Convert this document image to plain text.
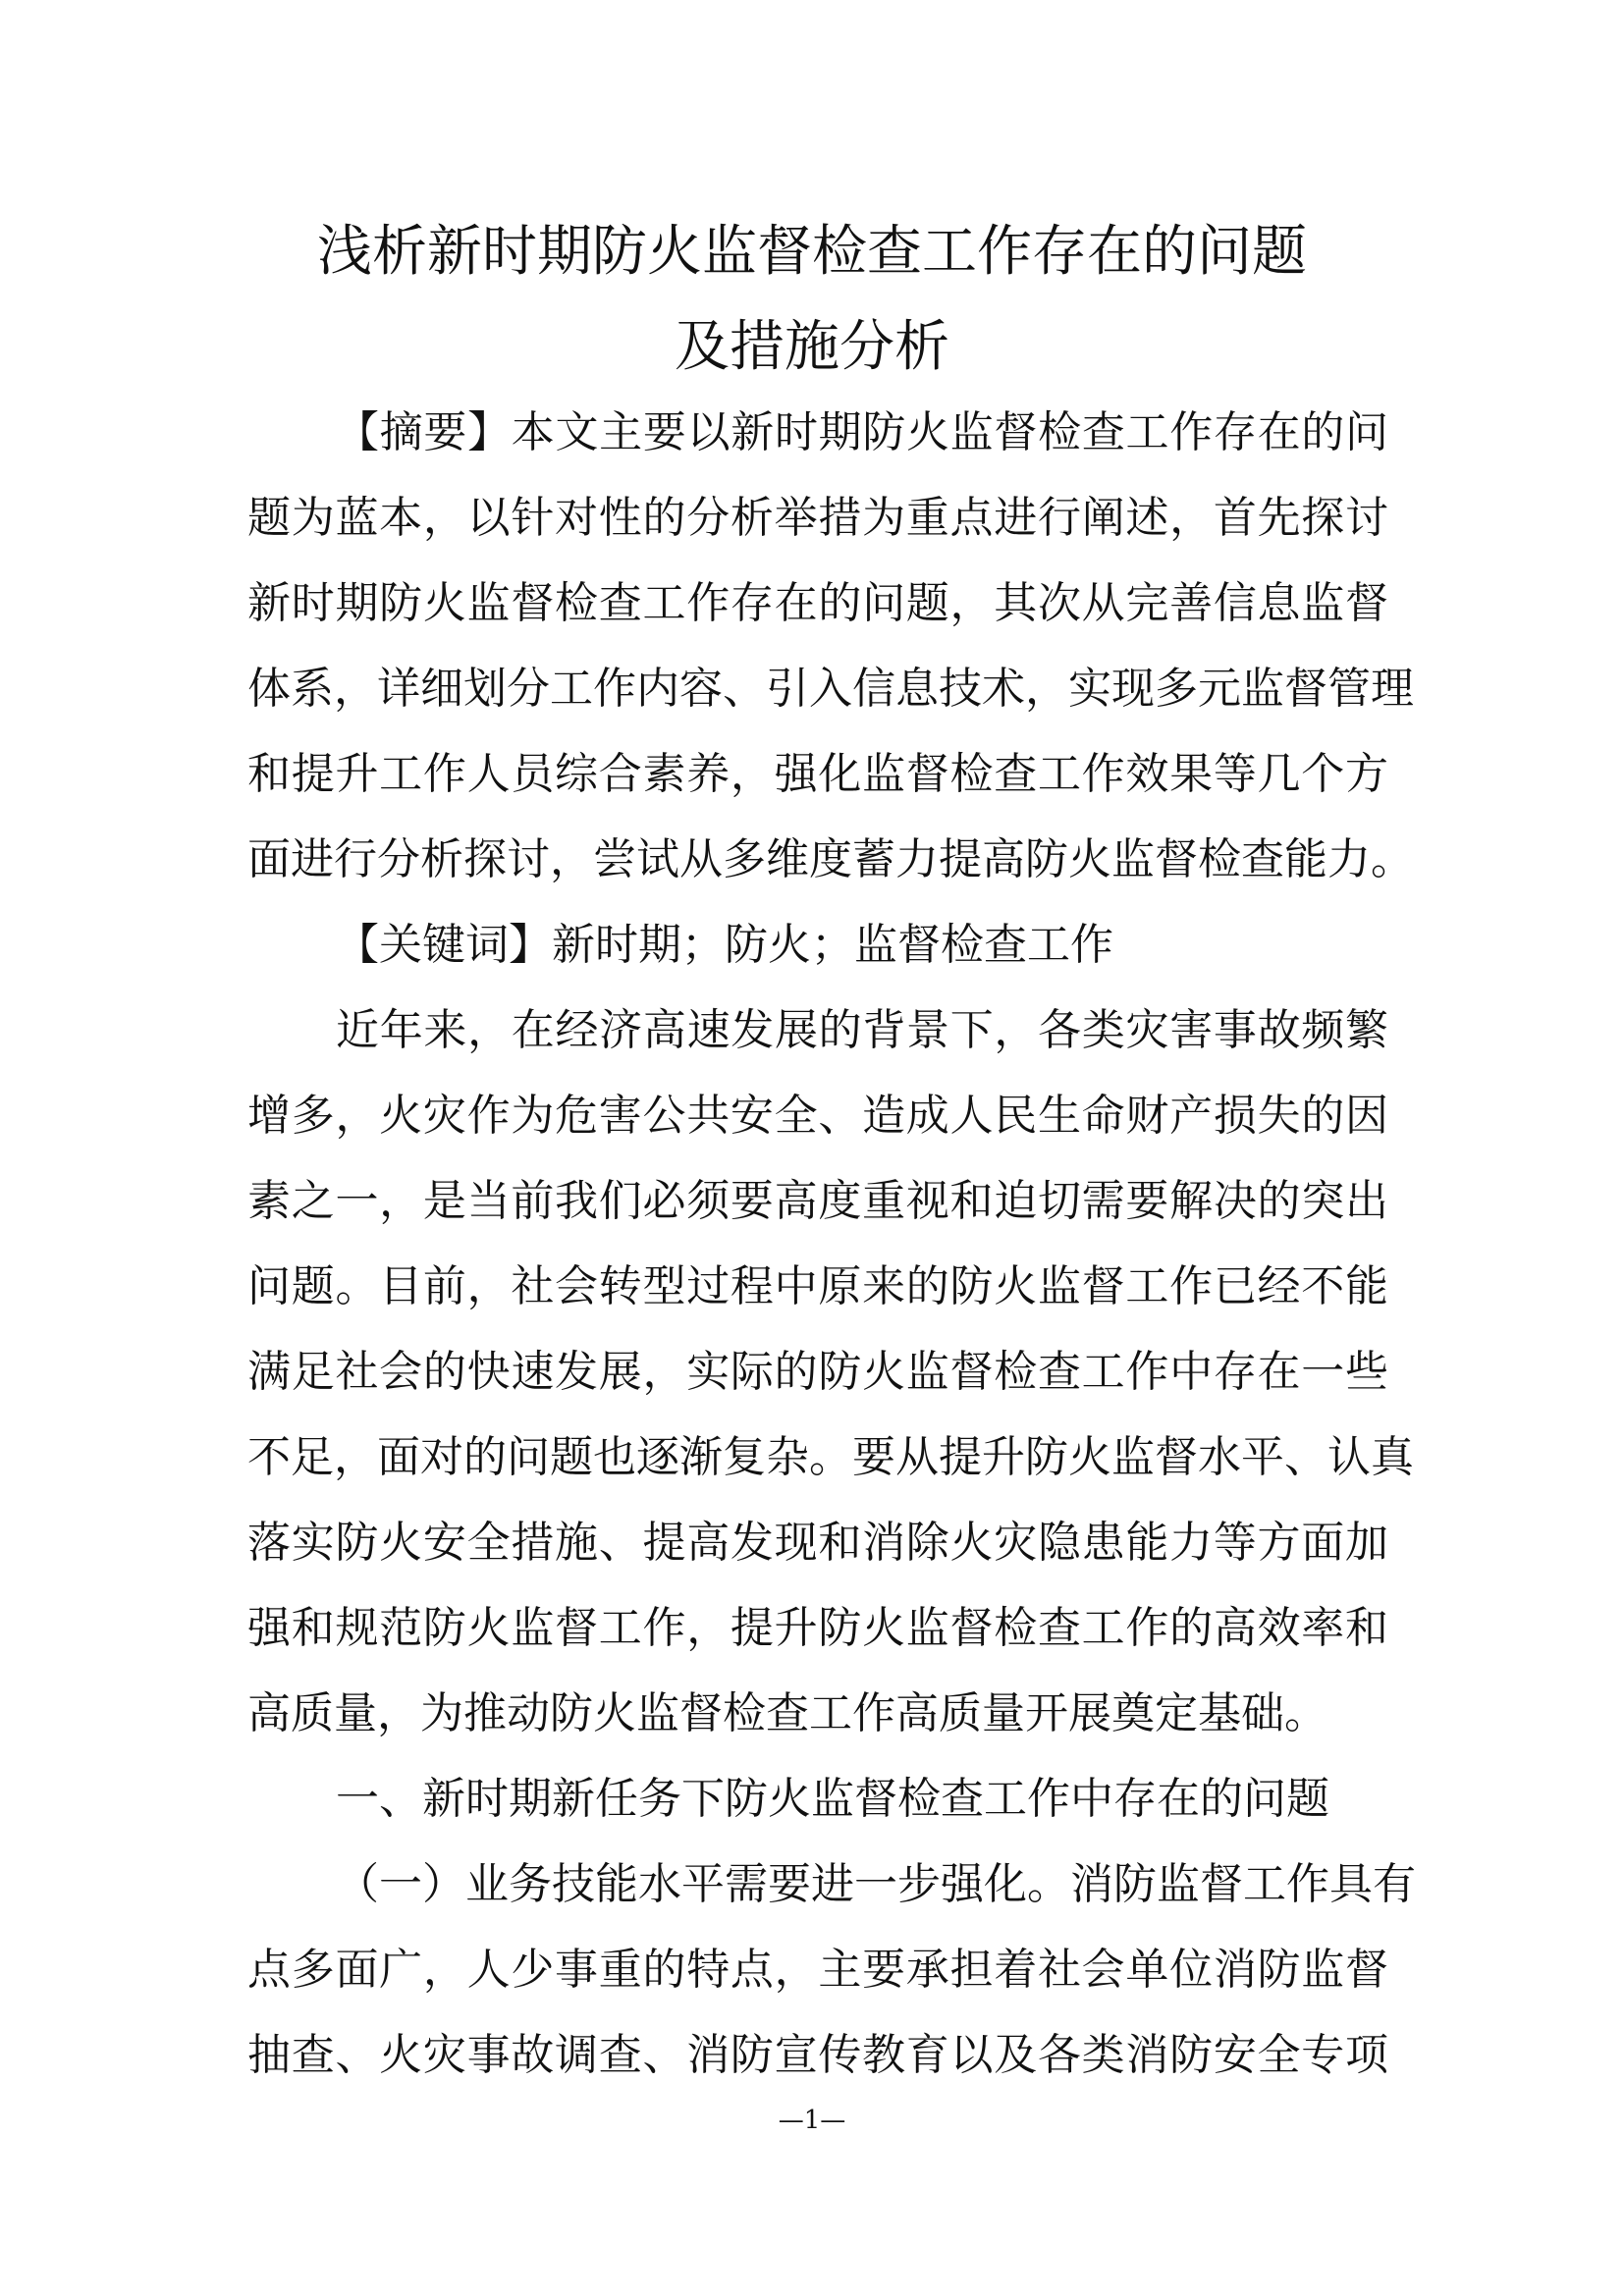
浅析新时期防火监督检查工作存在的问题
及措施分析
【摘要】本文主要以新时期防火监督检查工作存在的问
题为蓝本，以针对性的分析举措为重点进行阐述，首先探讨
新时期防火监督检查工作存在的问题，其次从完善信息监督
体系，详细划分工作内容、引入信息技术，实现多元监督管理
和提升工作人员综合素养，强化监督检查工作效果等几个方
面进行分析探讨，尝试从多维度蓄力提高防火监督检查能力。
【关键词】新时期；防火；监督检查工作
近年来，在经济高速发展的背景下，各类灾害事故频繁
增多，火灾作为危害公共安全、造成人民生命财产损失的因
素之一，是当前我们必须要高度重视和迫切需要解决的突出
问题。目前，社会转型过程中原来的防火监督工作已经不能
满足社会的快速发展，实际的防火监督检查工作中存在一些
不足，面对的问题也逐渐复杂。要从提升防火监督水平、认真
落实防火安全措施、提高发现和消除火灾隐患能力等方面加
强和规范防火监督工作，提升防火监督检查工作的高效率和
高质量，为推动防火监督检查工作高质量开展奠定基础。
一、新时期新任务下防火监督检查工作中存在的问题
（一）业务技能水平需要进一步强化。消防监督工作具有
点多面广，人少事重的特点，主要承担着社会单位消防监督
抽查、火灾事故调查、消防宣传教育以及各类消防安全专项
—1—
